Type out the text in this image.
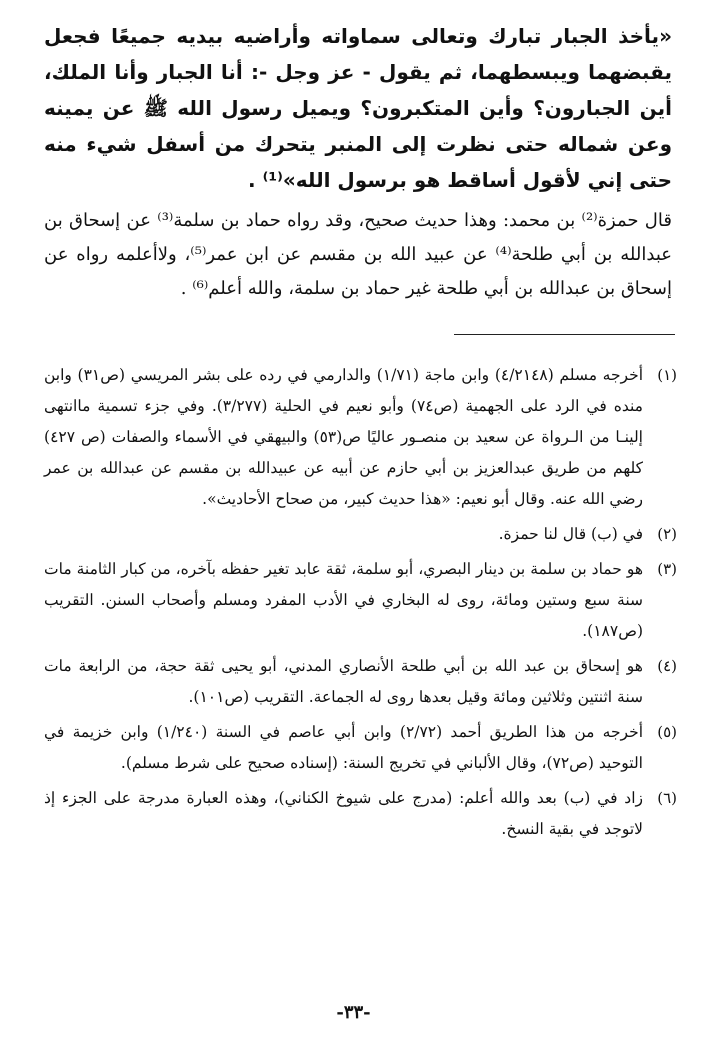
«يأخذ الجبار تبارك وتعالى سماواته وأراضيه بيديه جميعًا فجعل يقبضهما ويبسطهما، ثم يقول - عز وجل -: أنا الجبار وأنا الملك، أين الجبارون؟ وأين المتكبرون؟ ويميل رسول الله ﷺ عن يمينه وعن شماله حتى نظرت إلى المنبر يتحرك من أسفل شيء منه حتى إني لأقول أساقط هو برسول الله»⁽¹⁾ .

قال حمزة⁽²⁾ بن محمد: وهذا حديث صحيح، وقد رواه حماد بن سلمة⁽³⁾ عن إسحاق بن عبدالله بن أبي طلحة⁽⁴⁾ عن عبيد الله بن مقسم عن ابن عمر⁽⁵⁾، ولاأعلمه رواه عن إسحاق بن عبدالله بن أبي طلحة غير حماد بن سلمة، والله أعلم⁽⁶⁾ .

(١)
أخرجه مسلم (٤/٢١٤٨) وابن ماجة (١/٧١) والدارمي في رده على بشر المريسي (ص٣١) وابن منده في الرد على الجهمية (ص٧٤) وأبو نعيم في الحلية (٣/٢٧٧). وفي جزء تسمية ماانتهى إلينـا من الـرواة عن سعيد بن منصـور عاليًا ص(٥٣) والبيهقي في الأسماء والصفات (ص ٤٢٧) كلهم من طريق عبدالعزيز بن أبي حازم عن أبيه عن عبيدالله بن مقسم عن عبدالله بن عمر رضي الله عنه. وقال أبو نعيم: «هذا حديث كبير، من صحاح الأحاديث».
(٢)
في (ب) قال لنا حمزة.
(٣)
هو حماد بن سلمة بن دينار البصري، أبو سلمة، ثقة عابد تغير حفظه بآخره، من كبار الثامنة مات سنة سبع وستين ومائة، روى له البخاري في الأدب المفرد ومسلم وأصحاب السنن. التقريب (ص١٨٧).
(٤)
هو إسحاق بن عبد الله بن أبي طلحة الأنصاري المدني، أبو يحيى ثقة حجة، من الرابعة مات سنة اثنتين وثلاثين ومائة وقيل بعدها روى له الجماعة. التقريب (ص١٠١).
(٥)
أخرجه من هذا الطريق أحمد (٢/٧٢) وابن أبي عاصم في السنة (١/٢٤٠) وابن خزيمة في التوحيد (ص٧٢)، وقال الألباني في تخريج السنة: (إسناده صحيح على شرط مسلم).
(٦)
زاد في (ب) بعد والله أعلم: (مدرج على شيوخ الكناني)، وهذه العبارة مدرجة على الجزء إذ لاتوجد في بقية النسخ.
-٣٣-
